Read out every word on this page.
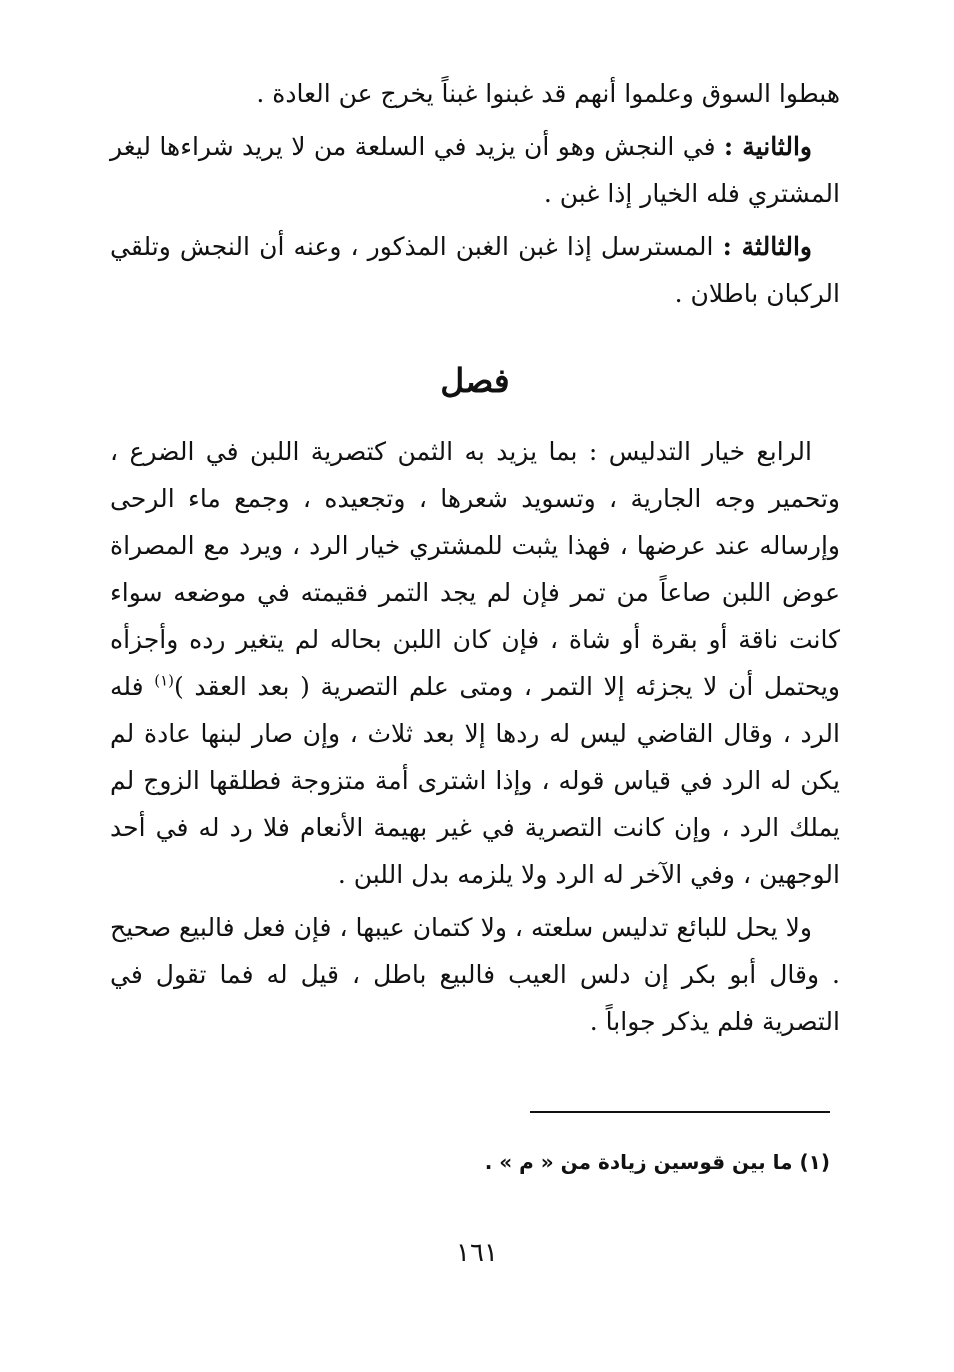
هبطوا السوق وعلموا أنهم قد غبنوا غبناً يخرج عن العادة .

والثانية : في النجش وهو أن يزيد في السلعة من لا يريد شراءها ليغر المشتري فله الخيار إذا غبن .

والثالثة : المسترسل إذا غبن الغبن المذكور ، وعنه أن النجش وتلقي الركبان باطلان .

فصل

الرابع خيار التدليس : بما يزيد به الثمن كتصرية اللبن في الضرع ، وتحمير وجه الجارية ، وتسويد شعرها ، وتجعيده ، وجمع ماء الرحى وإرساله عند عرضها ، فهذا يثبت للمشتري خيار الرد ، ويرد مع المصراة عوض اللبن صاعاً من تمر فإن لم يجد التمر فقيمته في موضعه سواء كانت ناقة أو بقرة أو شاة ، فإن كان اللبن بحاله لم يتغير رده وأجزأه ويحتمل أن لا يجزئه إلا التمر ، ومتى علم التصرية ( بعد العقد )$^{(١)}$ فله الرد ، وقال القاضي ليس له ردها إلا بعد ثلاث ، وإن صار لبنها عادة لم يكن له الرد في قياس قوله ، وإذا اشترى أمة متزوجة فطلقها الزوج لم يملك الرد ، وإن كانت التصرية في غير بهيمة الأنعام فلا رد له في أحد الوجهين ، وفي الآخر له الرد ولا يلزمه بدل اللبن .

ولا يحل للبائع تدليس سلعته ، ولا كتمان عيبها ، فإن فعل فالبيع صحيح . وقال أبو بكر إن دلس العيب فالبيع باطل ، قيل له فما تقول في التصرية فلم يذكر جواباً .

(١) ما بين قوسين زيادة من « م » .
١٦١
